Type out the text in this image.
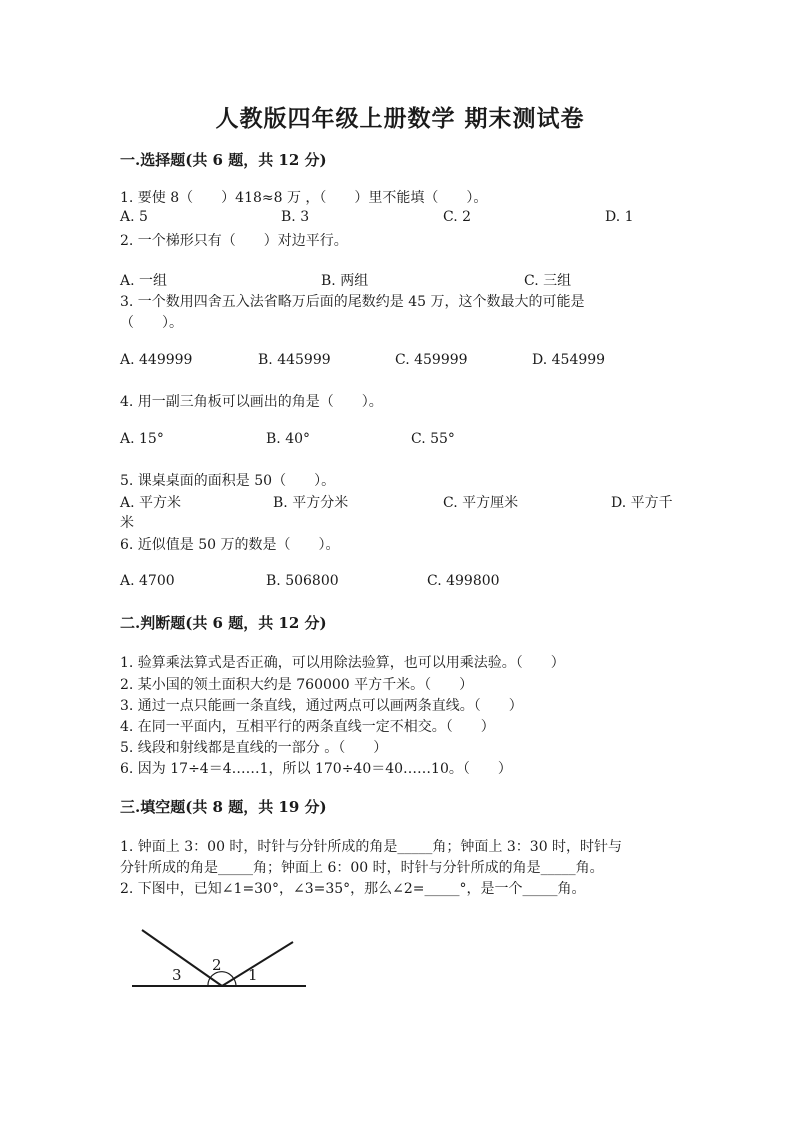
人教版四年级上册数学 期末测试卷
一.选择题(共 6 题，共 12 分)
1. 要使 8（　　）418≈8 万 ，（　　）里不能填（　　）。
A. 5	B. 3	C. 2	D. 1
2. 一个梯形只有（　　）对边平行。
A. 一组	B. 两组	C. 三组
3. 一个数用四舍五入法省略万后面的尾数约是 45 万，这个数最大的可能是
（　　）。
A. 449999	B. 445999	C. 459999	D. 454999
4. 用一副三角板可以画出的角是（　　）。
A. 15°	B. 40°	C. 55°
5. 课桌桌面的面积是 50（　　）。
A. 平方米	B. 平方分米	C. 平方厘米	D. 平方千
米
6. 近似值是 50 万的数是（　　）。
A. 4700	B. 506800	C. 499800
二.判断题(共 6 题，共 12 分)
1. 验算乘法算式是否正确，可以用除法验算，也可以用乘法验。（　　）
2. 某小国的领土面积大约是 760000 平方千米。（　　）
3. 通过一点只能画一条直线，通过两点可以画两条直线。（　　）
4. 在同一平面内，互相平行的两条直线一定不相交。（　　）
5. 线段和射线都是直线的一部分 。（　　）
6. 因为 17÷4＝4……1，所以 170÷40＝40……10。（　　）
三.填空题(共 8 题，共 19 分)
1. 钟面上 3：00 时，时针与分针所成的角是_____角；钟面上 3：30 时，时针与
分针所成的角是_____角；钟面上 6：00 时，时针与分针所成的角是_____角。
2. 下图中，已知∠1=30°，∠3=35°，那么∠2=_____°，是一个_____角。
3
2
1
